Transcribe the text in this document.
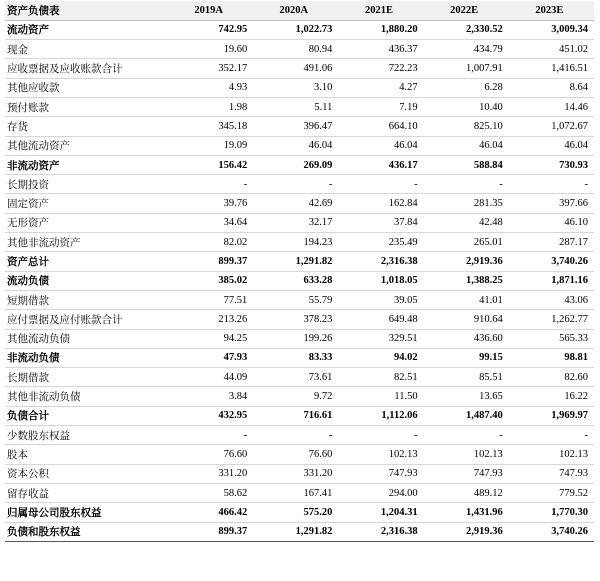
资产负债表	2019A	2020A	2021E	2022E	2023E
流动资产	742.95	1,022.73	1,880.20	2,330.52	3,009.34
现金	19.60	80.94	436.37	434.79	451.02
应收票据及应收账款合计	352.17	491.06	722.23	1,007.91	1,416.51
其他应收款	4.93	3.10	4.27	6.28	8.64
预付账款	1.98	5.11	7.19	10.40	14.46
存货	345.18	396.47	664.10	825.10	1,072.67
其他流动资产	19.09	46.04	46.04	46.04	46.04
非流动资产	156.42	269.09	436.17	588.84	730.93
长期投资	-	-	-	-	-
固定资产	39.76	42.69	162.84	281.35	397.66
无形资产	34.64	32.17	37.84	42.48	46.10
其他非流动资产	82.02	194.23	235.49	265.01	287.17
资产总计	899.37	1,291.82	2,316.38	2,919.36	3,740.26
流动负债	385.02	633.28	1,018.05	1,388.25	1,871.16
短期借款	77.51	55.79	39.05	41.01	43.06
应付票据及应付账款合计	213.26	378.23	649.48	910.64	1,262.77
其他流动负债	94.25	199.26	329.51	436.60	565.33
非流动负债	47.93	83.33	94.02	99.15	98.81
长期借款	44.09	73.61	82.51	85.51	82.60
其他非流动负债	3.84	9.72	11.50	13.65	16.22
负债合计	432.95	716.61	1,112.06	1,487.40	1,969.97
少数股东权益	-	-	-	-	-
股本	76.60	76.60	102.13	102.13	102.13
资本公积	331.20	331.20	747.93	747.93	747.93
留存收益	58.62	167.41	294.00	489.12	779.52
归属母公司股东权益	466.42	575.20	1,204.31	1,431.96	1,770.30
负债和股东权益	899.37	1,291.82	2,316.38	2,919.36	3,740.26
